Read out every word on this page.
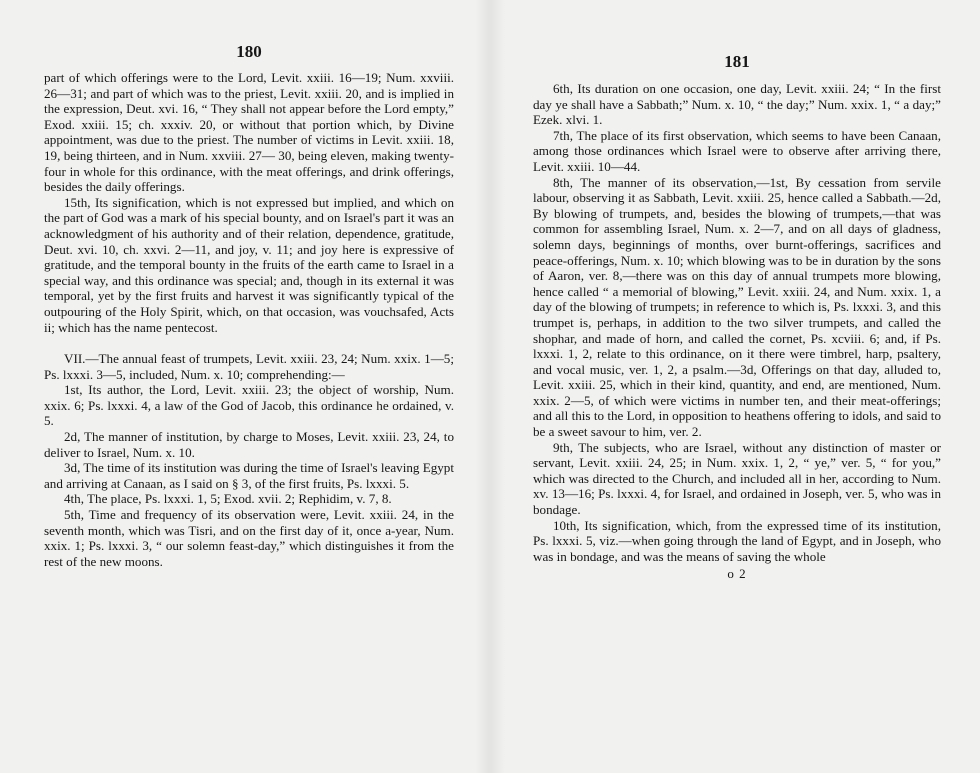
180

part of which offerings were to the Lord, Levit. xxiii. 16—19; Num. xxviii. 26—31; and part of which was to the priest, Levit. xxiii. 20, and is implied in the expression, Deut. xvi. 16, “ They shall not appear before the Lord empty,” Exod. xxiii. 15; ch. xxxiv. 20, or without that portion which, by Divine appointment, was due to the priest. The number of victims in Levit. xxiii. 18, 19, being thirteen, and in Num. xxviii. 27— 30, being eleven, making twenty-four in whole for this ordinance, with the meat offerings, and drink offerings, besides the daily offerings.

15th, Its signification, which is not expressed but implied, and which on the part of God was a mark of his special bounty, and on Israel's part it was an acknowledgment of his authority and of their relation, dependence, gratitude, Deut. xvi. 10, ch. xxvi. 2—11, and joy, v. 11; and joy here is expressive of gratitude, and the temporal bounty in the fruits of the earth came to Israel in a special way, and this ordinance was special; and, though in its external it was temporal, yet by the first fruits and harvest it was significantly typical of the outpouring of the Holy Spirit, which, on that occasion, was vouchsafed, Acts ii; which has the name pentecost.

VII.—The annual feast of trumpets, Levit. xxiii. 23, 24; Num. xxix. 1—5; Ps. lxxxi. 3—5, included, Num. x. 10; comprehending:—

1st, Its author, the Lord, Levit. xxiii. 23; the object of worship, Num. xxix. 6; Ps. lxxxi. 4, a law of the God of Jacob, this ordinance he ordained, v. 5.

2d, The manner of institution, by charge to Moses, Levit. xxiii. 23, 24, to deliver to Israel, Num. x. 10.

3d, The time of its institution was during the time of Israel's leaving Egypt and arriving at Canaan, as I said on § 3, of the first fruits, Ps. lxxxi. 5.

4th, The place, Ps. lxxxi. 1, 5; Exod. xvii. 2; Rephidim, v. 7, 8.

5th, Time and frequency of its observation were, Levit. xxiii. 24, in the seventh month, which was Tisri, and on the first day of it, once a-year, Num. xxix. 1; Ps. lxxxi. 3, “ our solemn feast-day,” which distinguishes it from the rest of the new moons.

181

6th, Its duration on one occasion, one day, Levit. xxiii. 24; “ In the first day ye shall have a Sabbath;” Num. x. 10, “ the day;” Num. xxix. 1, “ a day;” Ezek. xlvi. 1.

7th, The place of its first observation, which seems to have been Canaan, among those ordinances which Israel were to observe after arriving there, Levit. xxiii. 10—44.

8th, The manner of its observation,—1st, By cessation from servile labour, observing it as Sabbath, Levit. xxiii. 25, hence called a Sabbath.—2d, By blowing of trumpets, and, besides the blowing of trumpets,—that was common for assembling Israel, Num. x. 2—7, and on all days of gladness, solemn days, beginnings of months, over burnt-offerings, sacrifices and peace-offerings, Num. x. 10; which blowing was to be in duration by the sons of Aaron, ver. 8,—there was on this day of annual trumpets more blowing, hence called “ a memorial of blowing,” Levit. xxiii. 24, and Num. xxix. 1, a day of the blowing of trumpets; in reference to which is, Ps. lxxxi. 3, and this trumpet is, perhaps, in addition to the two silver trumpets, and called the shophar, and made of horn, and called the cornet, Ps. xcviii. 6; and, if Ps. lxxxi. 1, 2, relate to this ordinance, on it there were timbrel, harp, psaltery, and vocal music, ver. 1, 2, a psalm.—3d, Offerings on that day, alluded to, Levit. xxiii. 25, which in their kind, quantity, and end, are mentioned, Num. xxix. 2—5, of which were victims in number ten, and their meat-offerings; and all this to the Lord, in opposition to heathens offering to idols, and said to be a sweet savour to him, ver. 2.

9th, The subjects, who are Israel, without any distinction of master or servant, Levit. xxiii. 24, 25; in Num. xxix. 1, 2, “ ye,” ver. 5, “ for you,” which was directed to the Church, and included all in her, according to Num. xv. 13—16; Ps. lxxxi. 4, for Israel, and ordained in Joseph, ver. 5, who was in bondage.

10th, Its signification, which, from the expressed time of its institution, Ps. lxxxi. 5, viz.—when going through the land of Egypt, and in Joseph, who was in bondage, and was the means of saving the whole

o 2
